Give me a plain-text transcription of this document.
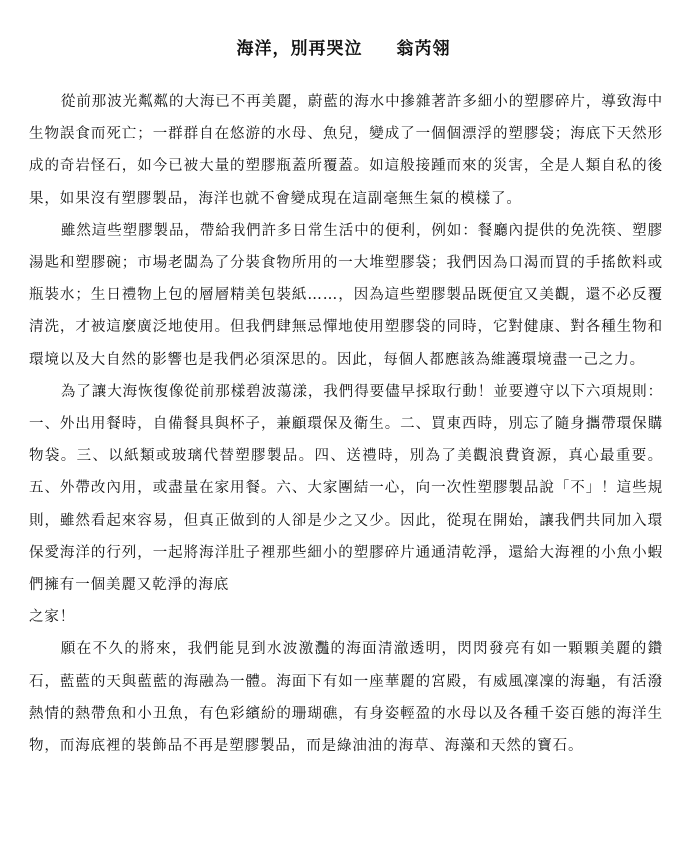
海洋，別再哭泣 翁芮翎

從前那波光粼粼的大海已不再美麗，蔚藍的海水中摻雜著許多細小的塑膠碎片，導致海中生物誤食而死亡；一群群自在悠游的水母、魚兒，變成了一個個漂浮的塑膠袋；海底下天然形成的奇岩怪石，如今已被大量的塑膠瓶蓋所覆蓋。如這般接踵而來的災害，全是人類自私的後果，如果沒有塑膠製品，海洋也就不會變成現在這副毫無生氣的模樣了。

雖然這些塑膠製品，帶給我們許多日常生活中的便利，例如：餐廳內提供的免洗筷、塑膠湯匙和塑膠碗；市場老闆為了分裝食物所用的一大堆塑膠袋；我們因為口渴而買的手搖飲料或瓶裝水；生日禮物上包的層層精美包裝紙……，因為這些塑膠製品既便宜又美觀，還不必反覆清洗，才被這麼廣泛地使用。但我們肆無忌憚地使用塑膠袋的同時，它對健康、對各種生物和環境以及大自然的影響也是我們必須深思的。因此，每個人都應該為維護環境盡一己之力。

為了讓大海恢復像從前那樣碧波蕩漾，我們得要儘早採取行動！並要遵守以下六項規則：一、外出用餐時，自備餐具與杯子，兼顧環保及衛生。二、買東西時，別忘了隨身攜帶環保購物袋。三、以紙類或玻璃代替塑膠製品。四、送禮時，別為了美觀浪費資源，真心最重要。五、外帶改內用，或盡量在家用餐。六、大家團結一心，向一次性塑膠製品說「不」！這些規則，雖然看起來容易，但真正做到的人卻是少之又少。因此，從現在開始，讓我們共同加入環保愛海洋的行列，一起將海洋肚子裡那些細小的塑膠碎片通通清乾淨，還給大海裡的小魚小蝦們擁有一個美麗又乾淨的海底

之家！

願在不久的將來，我們能見到水波激灩的海面清澈透明，閃閃發亮有如一顆顆美麗的鑽石，藍藍的天與藍藍的海融為一體。海面下有如一座華麗的宮殿，有威風凜凜的海龜，有活潑熱情的熱帶魚和小丑魚，有色彩繽紛的珊瑚礁，有身姿輕盈的水母以及各種千姿百態的海洋生物，而海底裡的裝飾品不再是塑膠製品，而是綠油油的海草、海藻和天然的寶石。
